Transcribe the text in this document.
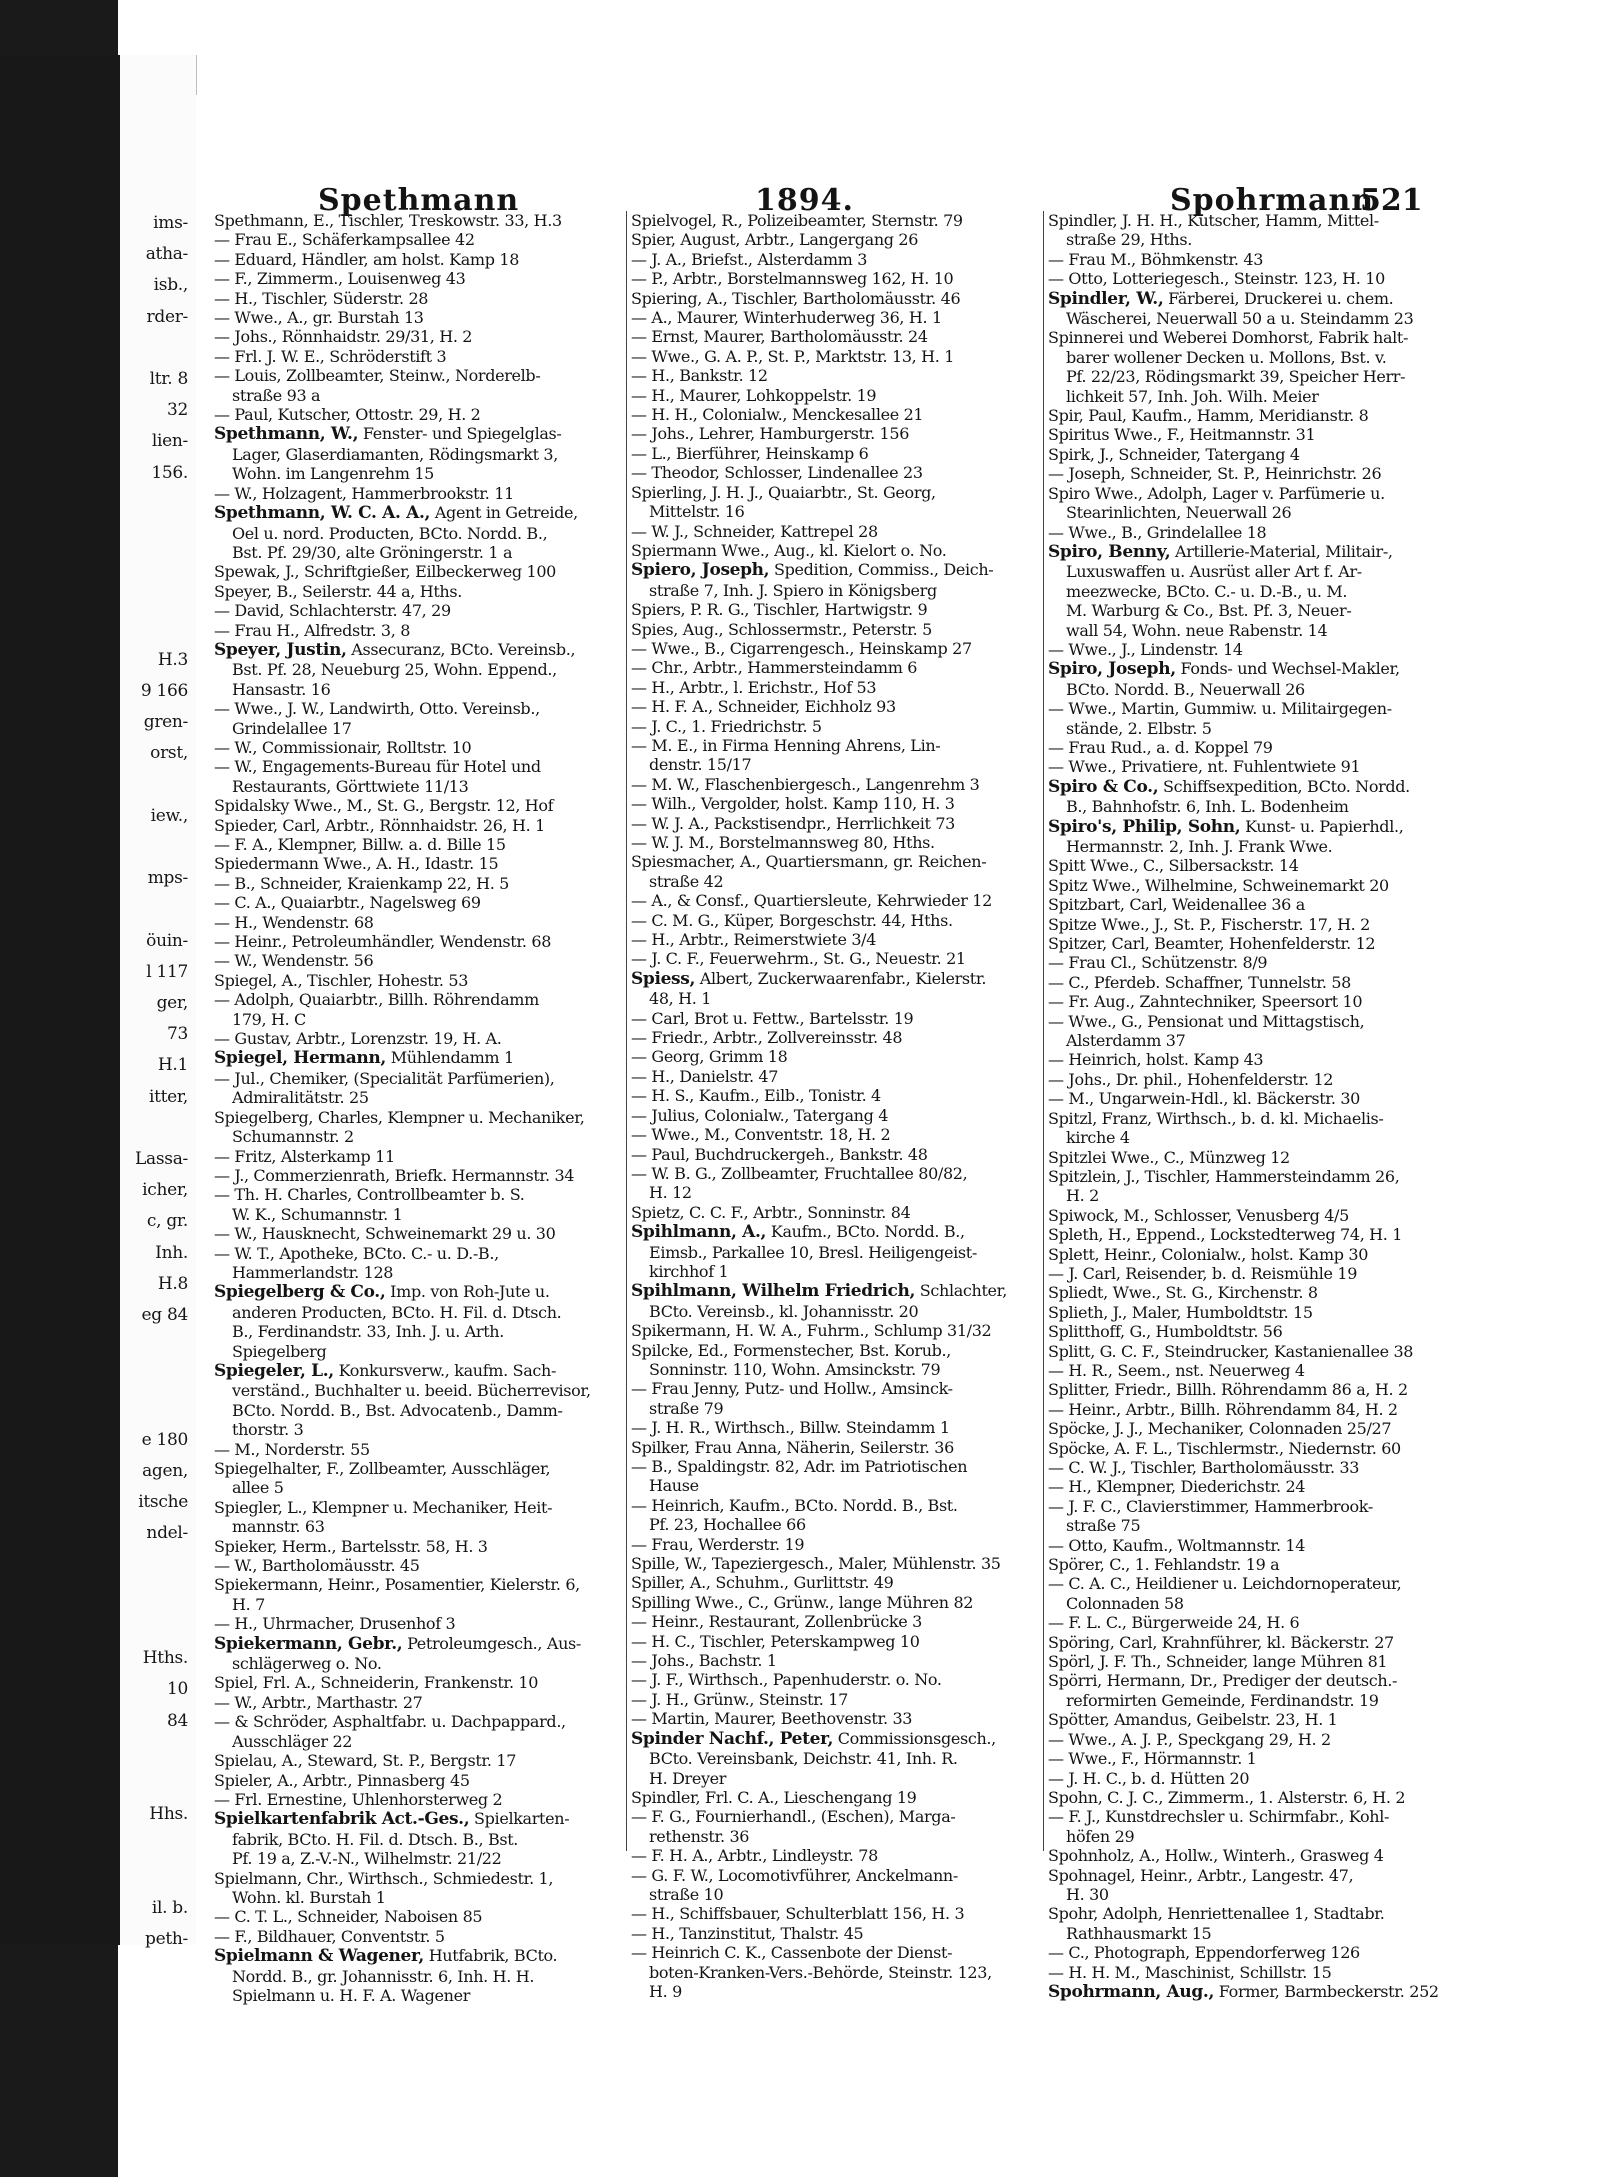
ims-
atha-
isb.,
rder-
ltr. 8
32
lien-
156.
H.3
9 166
gren-
orst,
iew.,
mps-
öuin-
l 117
ger,
73
H.1
itter,
Lassa-
icher,
c, gr.
Inh.
H.8
eg 84
e 180
agen,
itsche
ndel-
Hths.
10
84
Hhs.
il. b.
peth-
Spethmann	1894.	Spohrmann
521
Spethmann, E., Tischler, Treskowstr. 33, H.3
— Frau E., Schäferkampsallee 42
— Eduard, Händler, am holst. Kamp 18
— F., Zimmerm., Louisenweg 43
— H., Tischler, Süderstr. 28
— Wwe., A., gr. Burstah 13
— Johs., Rönnhaidstr. 29/31, H. 2
— Frl. J. W. E., Schröderstift 3
— Louis, Zollbeamter, Steinw., Norderelb-
straße 93 a
— Paul, Kutscher, Ottostr. 29, H. 2
Spethmann, W., Fenster- und Spiegelglas-
Lager, Glaserdiamanten, Rödingsmarkt 3,
Wohn. im Langenrehm 15
— W., Holzagent, Hammerbrookstr. 11
Spethmann, W. C. A. A., Agent in Getreide,
Oel u. nord. Producten, BCto. Nordd. B.,
Bst. Pf. 29/30, alte Gröningerstr. 1 a
Spewak, J., Schriftgießer, Eilbeckerweg 100
Speyer, B., Seilerstr. 44 a, Hths.
— David, Schlachterstr. 47, 29
— Frau H., Alfredstr. 3, 8
Speyer, Justin, Assecuranz, BCto. Vereinsb.,
Bst. Pf. 28, Neueburg 25, Wohn. Eppend.,
Hansastr. 16
— Wwe., J. W., Landwirth, Otto. Vereinsb.,
Grindelallee 17
— W., Commissionair, Rolltstr. 10
— W., Engagements-Bureau für Hotel und
Restaurants, Görttwiete 11/13
Spidalsky Wwe., M., St. G., Bergstr. 12, Hof
Spieder, Carl, Arbtr., Rönnhaidstr. 26, H. 1
— F. A., Klempner, Billw. a. d. Bille 15
Spiedermann Wwe., A. H., Idastr. 15
— B., Schneider, Kraienkamp 22, H. 5
— C. A., Quaiarbtr., Nagelsweg 69
— H., Wendenstr. 68
— Heinr., Petroleumhändler, Wendenstr. 68
— W., Wendenstr. 56
Spiegel, A., Tischler, Hohestr. 53
— Adolph, Quaiarbtr., Billh. Röhrendamm
179, H. C
— Gustav, Arbtr., Lorenzstr. 19, H. A.
Spiegel, Hermann, Mühlendamm 1
— Jul., Chemiker, (Specialität Parfümerien),
Admiralitätstr. 25
Spiegelberg, Charles, Klempner u. Mechaniker,
Schumannstr. 2
— Fritz, Alsterkamp 11
— J., Commerzienrath, Briefk. Hermannstr. 34
— Th. H. Charles, Controllbeamter b. S.
W. K., Schumannstr. 1
— W., Hausknecht, Schweinemarkt 29 u. 30
— W. T., Apotheke, BCto. C.- u. D.-B.,
Hammerlandstr. 128
Spiegelberg & Co., Imp. von Roh-Jute u.
anderen Producten, BCto. H. Fil. d. Dtsch.
B., Ferdinandstr. 33, Inh. J. u. Arth.
Spiegelberg
Spiegeler, L., Konkursverw., kaufm. Sach-
verständ., Buchhalter u. beeid. Bücherrevisor,
BCto. Nordd. B., Bst. Advocatenb., Damm-
thorstr. 3
— M., Norderstr. 55
Spiegelhalter, F., Zollbeamter, Ausschläger,
allee 5
Spiegler, L., Klempner u. Mechaniker, Heit-
mannstr. 63
Spieker, Herm., Bartelsstr. 58, H. 3
— W., Bartholomäusstr. 45
Spiekermann, Heinr., Posamentier, Kielerstr. 6,
H. 7
— H., Uhrmacher, Drusenhof 3
Spiekermann, Gebr., Petroleumgesch., Aus-
schlägerweg o. No.
Spiel, Frl. A., Schneiderin, Frankenstr. 10
— W., Arbtr., Marthastr. 27
— & Schröder, Asphaltfabr. u. Dachpappard.,
Ausschläger 22
Spielau, A., Steward, St. P., Bergstr. 17
Spieler, A., Arbtr., Pinnasberg 45
— Frl. Ernestine, Uhlenhorsterweg 2
Spielkartenfabrik Act.-Ges., Spielkarten-
fabrik, BCto. H. Fil. d. Dtsch. B., Bst.
Pf. 19 a, Z.-V.-N., Wilhelmstr. 21/22
Spielmann, Chr., Wirthsch., Schmiedestr. 1,
Wohn. kl. Burstah 1
— C. T. L., Schneider, Naboisen 85
— F., Bildhauer, Conventstr. 5
Spielmann & Wagener, Hutfabrik, BCto.
Nordd. B., gr. Johannisstr. 6, Inh. H. H.
Spielmann u. H. F. A. Wagener
Spielvogel, R., Polizeibeamter, Sternstr. 79
Spier, August, Arbtr., Langergang 26
— J. A., Briefst., Alsterdamm 3
— P., Arbtr., Borstelmannsweg 162, H. 10
Spiering, A., Tischler, Bartholomäusstr. 46
— A., Maurer, Winterhuderweg 36, H. 1
— Ernst, Maurer, Bartholomäusstr. 24
— Wwe., G. A. P., St. P., Marktstr. 13, H. 1
— H., Bankstr. 12
— H., Maurer, Lohkoppelstr. 19
— H. H., Colonialw., Menckesallee 21
— Johs., Lehrer, Hamburgerstr. 156
— L., Bierführer, Heinskamp 6
— Theodor, Schlosser, Lindenallee 23
Spierling, J. H. J., Quaiarbtr., St. Georg,
Mittelstr. 16
— W. J., Schneider, Kattrepel 28
Spiermann Wwe., Aug., kl. Kielort o. No.
Spiero, Joseph, Spedition, Commiss., Deich-
straße 7, Inh. J. Spiero in Königsberg
Spiers, P. R. G., Tischler, Hartwigstr. 9
Spies, Aug., Schlossermstr., Peterstr. 5
— Wwe., B., Cigarrengesch., Heinskamp 27
— Chr., Arbtr., Hammersteindamm 6
— H., Arbtr., l. Erichstr., Hof 53
— H. F. A., Schneider, Eichholz 93
— J. C., 1. Friedrichstr. 5
— M. E., in Firma Henning Ahrens, Lin-
denstr. 15/17
— M. W., Flaschenbiergesch., Langenrehm 3
— Wilh., Vergolder, holst. Kamp 110, H. 3
— W. J. A., Packstisendpr., Herrlichkeit 73
— W. J. M., Borstelmannsweg 80, Hths.
Spiesmacher, A., Quartiersmann, gr. Reichen-
straße 42
— A., & Consf., Quartiersleute, Kehrwieder 12
— C. M. G., Küper, Borgeschstr. 44, Hths.
— H., Arbtr., Reimerstwiete 3/4
— J. C. F., Feuerwehrm., St. G., Neuestr. 21
Spiess, Albert, Zuckerwaarenfabr., Kielerstr.
48, H. 1
— Carl, Brot u. Fettw., Bartelsstr. 19
— Friedr., Arbtr., Zollvereinsstr. 48
— Georg, Grimm 18
— H., Danielstr. 47
— H. S., Kaufm., Eilb., Tonistr. 4
— Julius, Colonialw., Tatergang 4
— Wwe., M., Conventstr. 18, H. 2
— Paul, Buchdruckergeh., Bankstr. 48
— W. B. G., Zollbeamter, Fruchtallee 80/82,
H. 12
Spietz, C. C. F., Arbtr., Sonninstr. 84
Spihlmann, A., Kaufm., BCto. Nordd. B.,
Eimsb., Parkallee 10, Bresl. Heiligengeist-
kirchhof 1
Spihlmann, Wilhelm Friedrich, Schlachter,
BCto. Vereinsb., kl. Johannisstr. 20
Spikermann, H. W. A., Fuhrm., Schlump 31/32
Spilcke, Ed., Formenstecher, Bst. Korub.,
Sonninstr. 110, Wohn. Amsinckstr. 79
— Frau Jenny, Putz- und Hollw., Amsinck-
straße 79
— J. H. R., Wirthsch., Billw. Steindamm 1
Spilker, Frau Anna, Näherin, Seilerstr. 36
— B., Spaldingstr. 82, Adr. im Patriotischen
Hause
— Heinrich, Kaufm., BCto. Nordd. B., Bst.
Pf. 23, Hochallee 66
— Frau, Werderstr. 19
Spille, W., Tapeziergesch., Maler, Mühlenstr. 35
Spiller, A., Schuhm., Gurlittstr. 49
Spilling Wwe., C., Grünw., lange Mühren 82
— Heinr., Restaurant, Zollenbrücke 3
— H. C., Tischler, Peterskampweg 10
— Johs., Bachstr. 1
— J. F., Wirthsch., Papenhuderstr. o. No.
— J. H., Grünw., Steinstr. 17
— Martin, Maurer, Beethovenstr. 33
Spinder Nachf., Peter, Commissionsgesch.,
BCto. Vereinsbank, Deichstr. 41, Inh. R.
H. Dreyer
Spindler, Frl. C. A., Lieschengang 19
— F. G., Fournierhandl., (Eschen), Marga-
rethenstr. 36
— F. H. A., Arbtr., Lindleystr. 78
— G. F. W., Locomotivführer, Anckelmann-
straße 10
— H., Schiffsbauer, Schulterblatt 156, H. 3
— H., Tanzinstitut, Thalstr. 45
— Heinrich C. K., Cassenbote der Dienst-
boten-Kranken-Vers.-Behörde, Steinstr. 123,
H. 9
Spindler, J. H. H., Kutscher, Hamm, Mittel-
straße 29, Hths.
— Frau M., Böhmkenstr. 43
— Otto, Lotteriegesch., Steinstr. 123, H. 10
Spindler, W., Färberei, Druckerei u. chem.
Wäscherei, Neuerwall 50 a u. Steindamm 23
Spinnerei und Weberei Domhorst, Fabrik halt-
barer wollener Decken u. Mollons, Bst. v.
Pf. 22/23, Rödingsmarkt 39, Speicher Herr-
lichkeit 57, Inh. Joh. Wilh. Meier
Spir, Paul, Kaufm., Hamm, Meridianstr. 8
Spiritus Wwe., F., Heitmannstr. 31
Spirk, J., Schneider, Tatergang 4
— Joseph, Schneider, St. P., Heinrichstr. 26
Spiro Wwe., Adolph, Lager v. Parfümerie u.
Stearinlichten, Neuerwall 26
— Wwe., B., Grindelallee 18
Spiro, Benny, Artillerie-Material, Militair-,
Luxuswaffen u. Ausrüst aller Art f. Ar-
meezwecke, BCto. C.- u. D.-B., u. M.
M. Warburg & Co., Bst. Pf. 3, Neuer-
wall 54, Wohn. neue Rabenstr. 14
— Wwe., J., Lindenstr. 14
Spiro, Joseph, Fonds- und Wechsel-Makler,
BCto. Nordd. B., Neuerwall 26
— Wwe., Martin, Gummiw. u. Militairgegen-
stände, 2. Elbstr. 5
— Frau Rud., a. d. Koppel 79
— Wwe., Privatiere, nt. Fuhlentwiete 91
Spiro & Co., Schiffsexpedition, BCto. Nordd.
B., Bahnhofstr. 6, Inh. L. Bodenheim
Spiro's, Philip, Sohn, Kunst- u. Papierhdl.,
Hermannstr. 2, Inh. J. Frank Wwe.
Spitt Wwe., C., Silbersackstr. 14
Spitz Wwe., Wilhelmine, Schweinemarkt 20
Spitzbart, Carl, Weidenallee 36 a
Spitze Wwe., J., St. P., Fischerstr. 17, H. 2
Spitzer, Carl, Beamter, Hohenfelderstr. 12
— Frau Cl., Schützenstr. 8/9
— C., Pferdeb. Schaffner, Tunnelstr. 58
— Fr. Aug., Zahntechniker, Speersort 10
— Wwe., G., Pensionat und Mittagstisch,
Alsterdamm 37
— Heinrich, holst. Kamp 43
— Johs., Dr. phil., Hohenfelderstr. 12
— M., Ungarwein-Hdl., kl. Bäckerstr. 30
Spitzl, Franz, Wirthsch., b. d. kl. Michaelis-
kirche 4
Spitzlei Wwe., C., Münzweg 12
Spitzlein, J., Tischler, Hammersteindamm 26,
H. 2
Spiwock, M., Schlosser, Venusberg 4/5
Spleth, H., Eppend., Lockstedterweg 74, H. 1
Splett, Heinr., Colonialw., holst. Kamp 30
— J. Carl, Reisender, b. d. Reismühle 19
Spliedt, Wwe., St. G., Kirchenstr. 8
Splieth, J., Maler, Humboldtstr. 15
Splitthoff, G., Humboldtstr. 56
Splitt, G. C. F., Steindrucker, Kastanienallee 38
— H. R., Seem., nst. Neuerweg 4
Splitter, Friedr., Billh. Röhrendamm 86 a, H. 2
— Heinr., Arbtr., Billh. Röhrendamm 84, H. 2
Spöcke, J. J., Mechaniker, Colonnaden 25/27
Spöcke, A. F. L., Tischlermstr., Niedernstr. 60
— C. W. J., Tischler, Bartholomäusstr. 33
— H., Klempner, Diederichstr. 24
— J. F. C., Clavierstimmer, Hammerbrook-
straße 75
— Otto, Kaufm., Woltmannstr. 14
Spörer, C., 1. Fehlandstr. 19 a
— C. A. C., Heildiener u. Leichdornoperateur,
Colonnaden 58
— F. L. C., Bürgerweide 24, H. 6
Spöring, Carl, Krahnführer, kl. Bäckerstr. 27
Spörl, J. F. Th., Schneider, lange Mühren 81
Spörri, Hermann, Dr., Prediger der deutsch.-
reformirten Gemeinde, Ferdinandstr. 19
Spötter, Amandus, Geibelstr. 23, H. 1
— Wwe., A. J. P., Speckgang 29, H. 2
— Wwe., F., Hörmannstr. 1
— J. H. C., b. d. Hütten 20
Spohn, C. J. C., Zimmerm., 1. Alsterstr. 6, H. 2
— F. J., Kunstdrechsler u. Schirmfabr., Kohl-
höfen 29
Spohnholz, A., Hollw., Winterh., Grasweg 4
Spohnagel, Heinr., Arbtr., Langestr. 47,
H. 30
Spohr, Adolph, Henriettenallee 1, Stadtabr.
Rathhausmarkt 15
— C., Photograph, Eppendorferweg 126
— H. H. M., Maschinist, Schillstr. 15
Spohrmann, Aug., Former, Barmbeckerstr. 252
